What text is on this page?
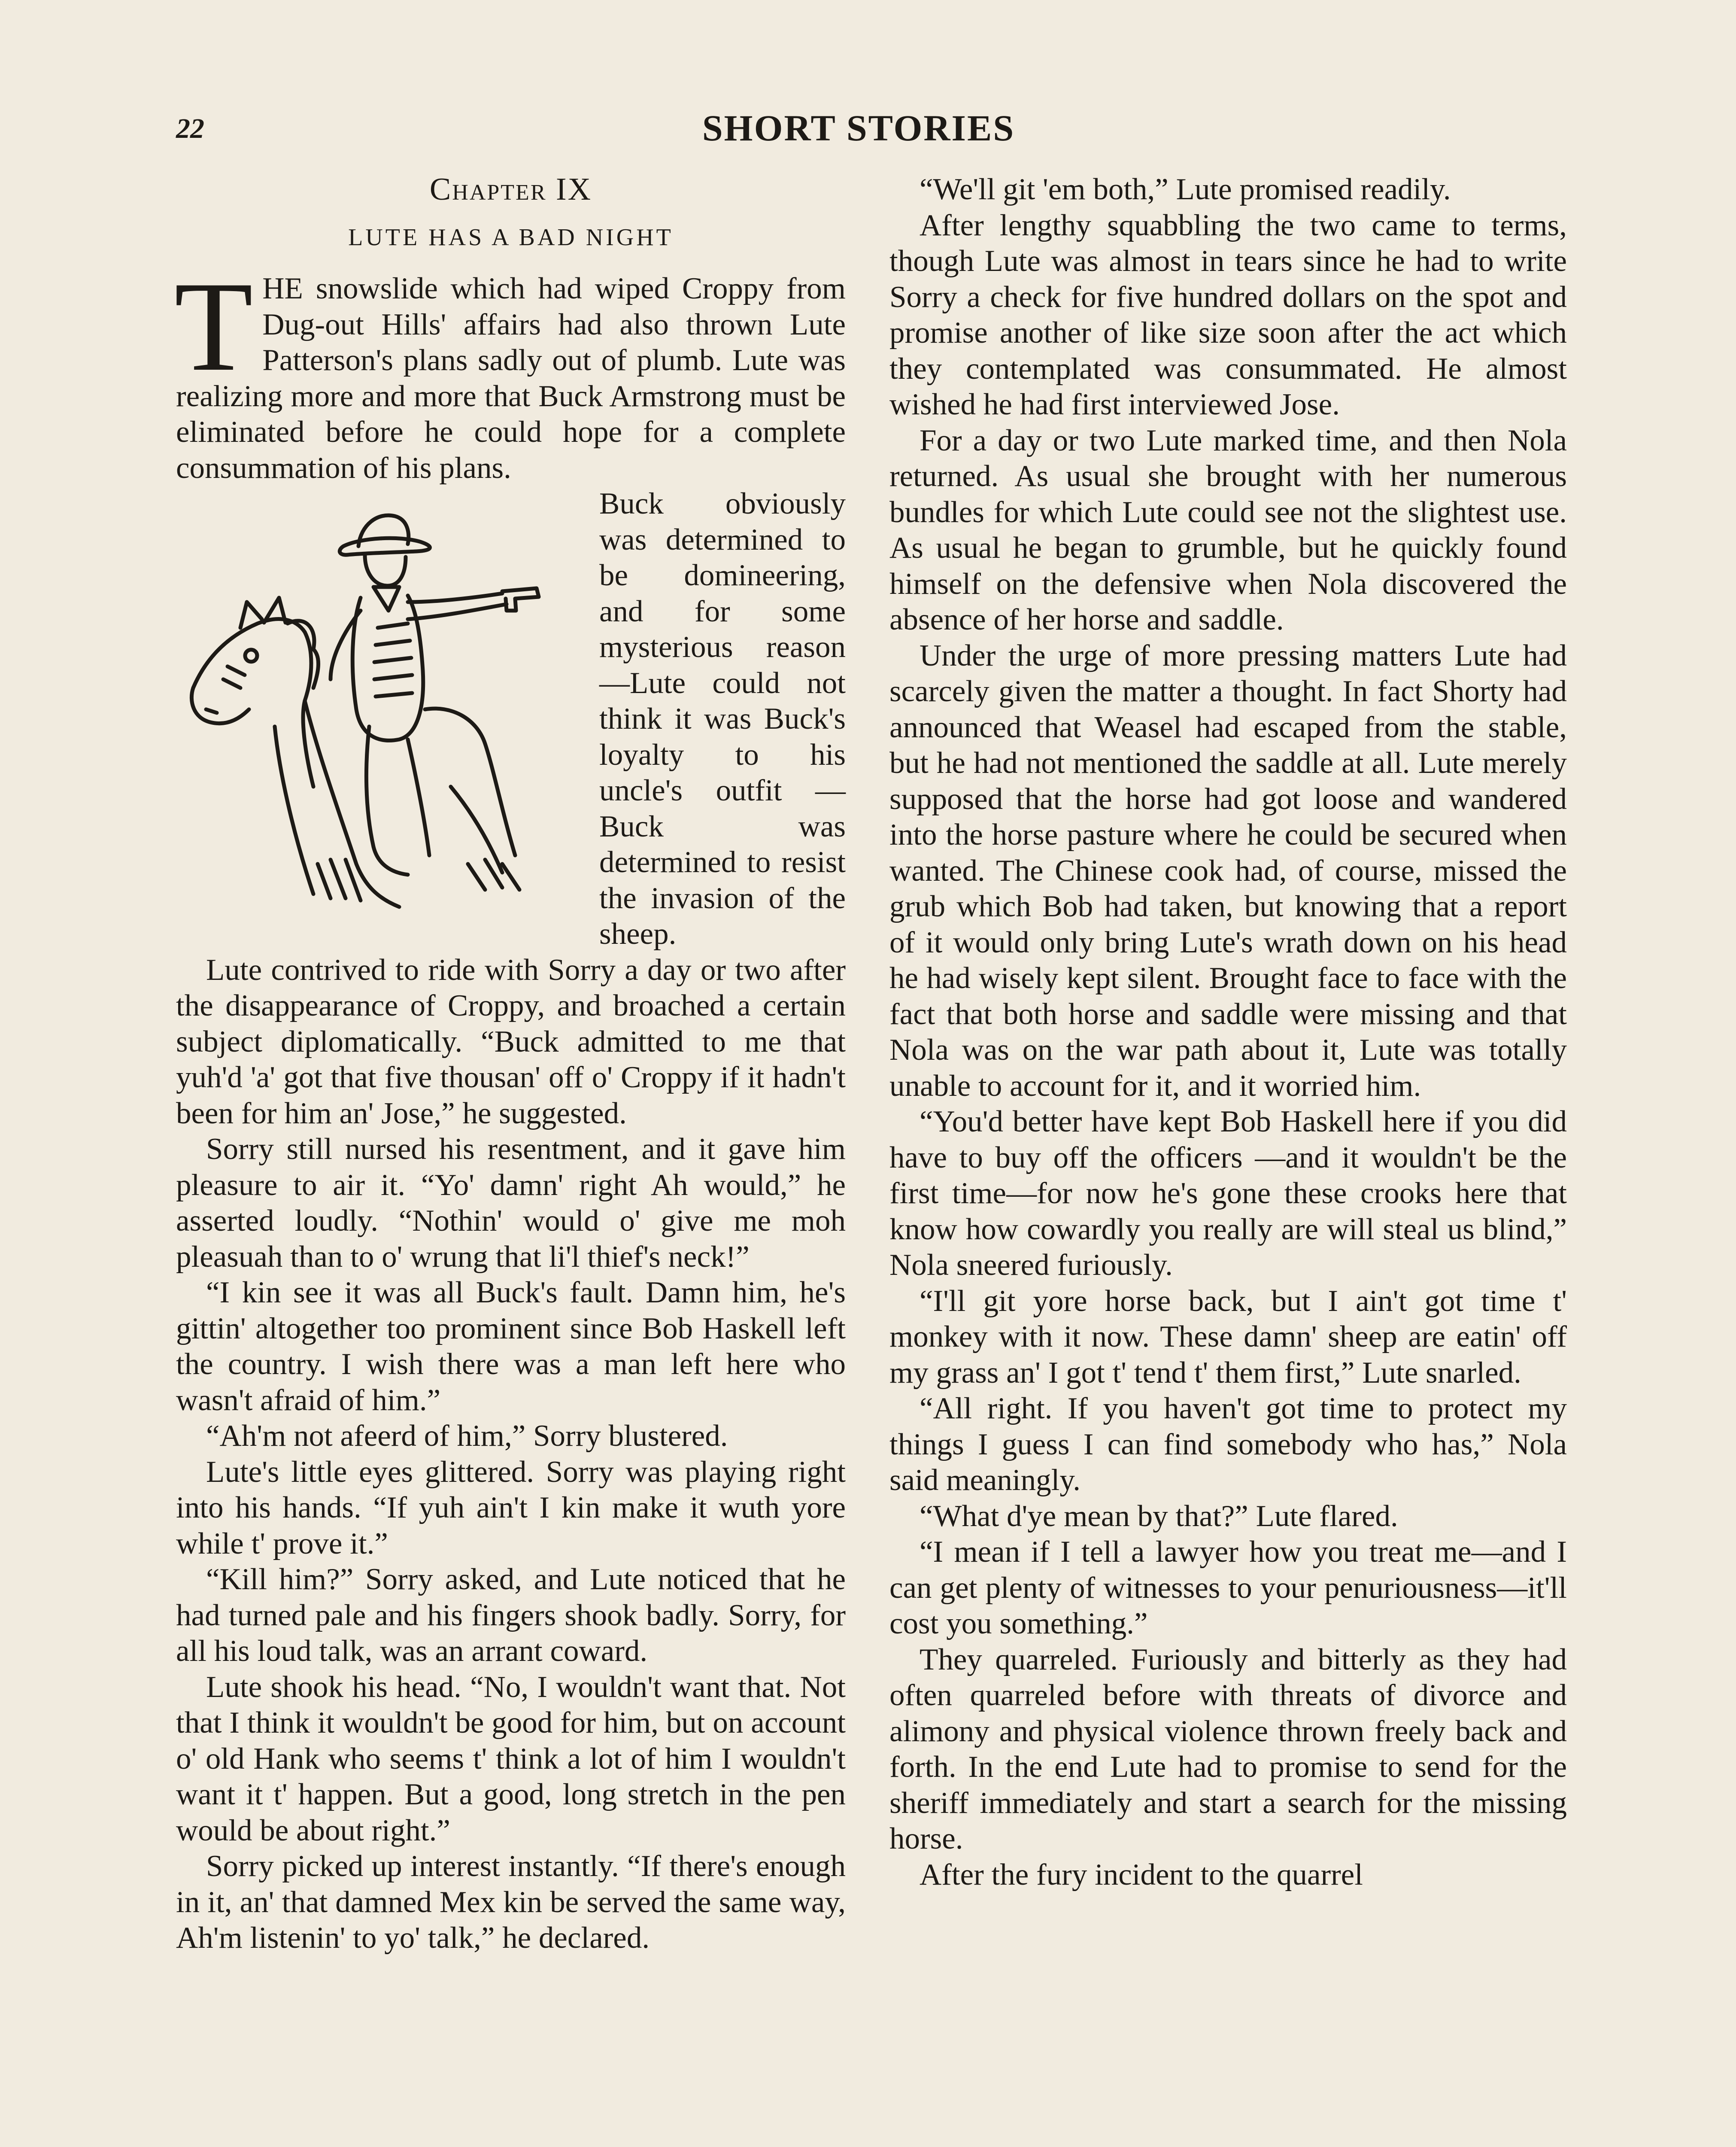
22	SHORT STORIES
Chapter IX
LUTE HAS A BAD NIGHT

T HE snowslide which had wiped Croppy from Dug-out Hills' affairs had also thrown Lute Patterson's plans sadly out of plumb. Lute was realizing more and more that Buck Armstrong must be eliminated before he could hope for a complete consummation of his plans.

Buck obviously was determined to be domineering, and for some mysterious reason—Lute could not think it was Buck's loyalty to his uncle's outfit — Buck was determined to resist the invasion of the sheep.

Lute contrived to ride with Sorry a day or two after the disappearance of Croppy, and broached a certain subject diplomatically. “Buck admitted to me that yuh'd 'a' got that five thousan' off o' Croppy if it hadn't been for him an' Jose,” he suggested.

Sorry still nursed his resentment, and it gave him pleasure to air it. “Yo' damn' right Ah would,” he asserted loudly. “Nothin' would o' give me moh pleasuah than to o' wrung that li'l thief's neck!”

“I kin see it was all Buck's fault. Damn him, he's gittin' altogether too prominent since Bob Haskell left the country. I wish there was a man left here who wasn't afraid of him.”

“Ah'm not afeerd of him,” Sorry blustered.

Lute's little eyes glittered. Sorry was playing right into his hands. “If yuh ain't I kin make it wuth yore while t' prove it.”

“Kill him?” Sorry asked, and Lute noticed that he had turned pale and his fingers shook badly. Sorry, for all his loud talk, was an arrant coward.

Lute shook his head. “No, I wouldn't want that. Not that I think it wouldn't be good for him, but on account o' old Hank who seems t' think a lot of him I wouldn't want it t' happen. But a good, long stretch in the pen would be about right.”

Sorry picked up interest instantly. “If there's enough in it, an' that damned Mex kin be served the same way, Ah'm listenin' to yo' talk,” he declared.

“We'll git 'em both,” Lute promised readily.

After lengthy squabbling the two came to terms, though Lute was almost in tears since he had to write Sorry a check for five hundred dollars on the spot and promise another of like size soon after the act which they contemplated was consummated. He almost wished he had first interviewed Jose.

For a day or two Lute marked time, and then Nola returned. As usual she brought with her numerous bundles for which Lute could see not the slightest use. As usual he began to grumble, but he quickly found himself on the defensive when Nola discovered the absence of her horse and saddle.

Under the urge of more pressing matters Lute had scarcely given the matter a thought. In fact Shorty had announced that Weasel had escaped from the stable, but he had not mentioned the saddle at all. Lute merely supposed that the horse had got loose and wandered into the horse pasture where he could be secured when wanted. The Chinese cook had, of course, missed the grub which Bob had taken, but knowing that a report of it would only bring Lute's wrath down on his head he had wisely kept silent. Brought face to face with the fact that both horse and saddle were missing and that Nola was on the war path about it, Lute was totally unable to account for it, and it worried him.

“You'd better have kept Bob Haskell here if you did have to buy off the officers —and it wouldn't be the first time—for now he's gone these crooks here that know how cowardly you really are will steal us blind,” Nola sneered furiously.

“I'll git yore horse back, but I ain't got time t' monkey with it now. These damn' sheep are eatin' off my grass an' I got t' tend t' them first,” Lute snarled.

“All right. If you haven't got time to protect my things I guess I can find somebody who has,” Nola said meaningly.

“What d'ye mean by that?” Lute flared.

“I mean if I tell a lawyer how you treat me—and I can get plenty of witnesses to your penuriousness—it'll cost you something.”

They quarreled. Furiously and bitterly as they had often quarreled before with threats of divorce and alimony and physical violence thrown freely back and forth. In the end Lute had to promise to send for the sheriff immediately and start a search for the missing horse.

After the fury incident to the quarrel
